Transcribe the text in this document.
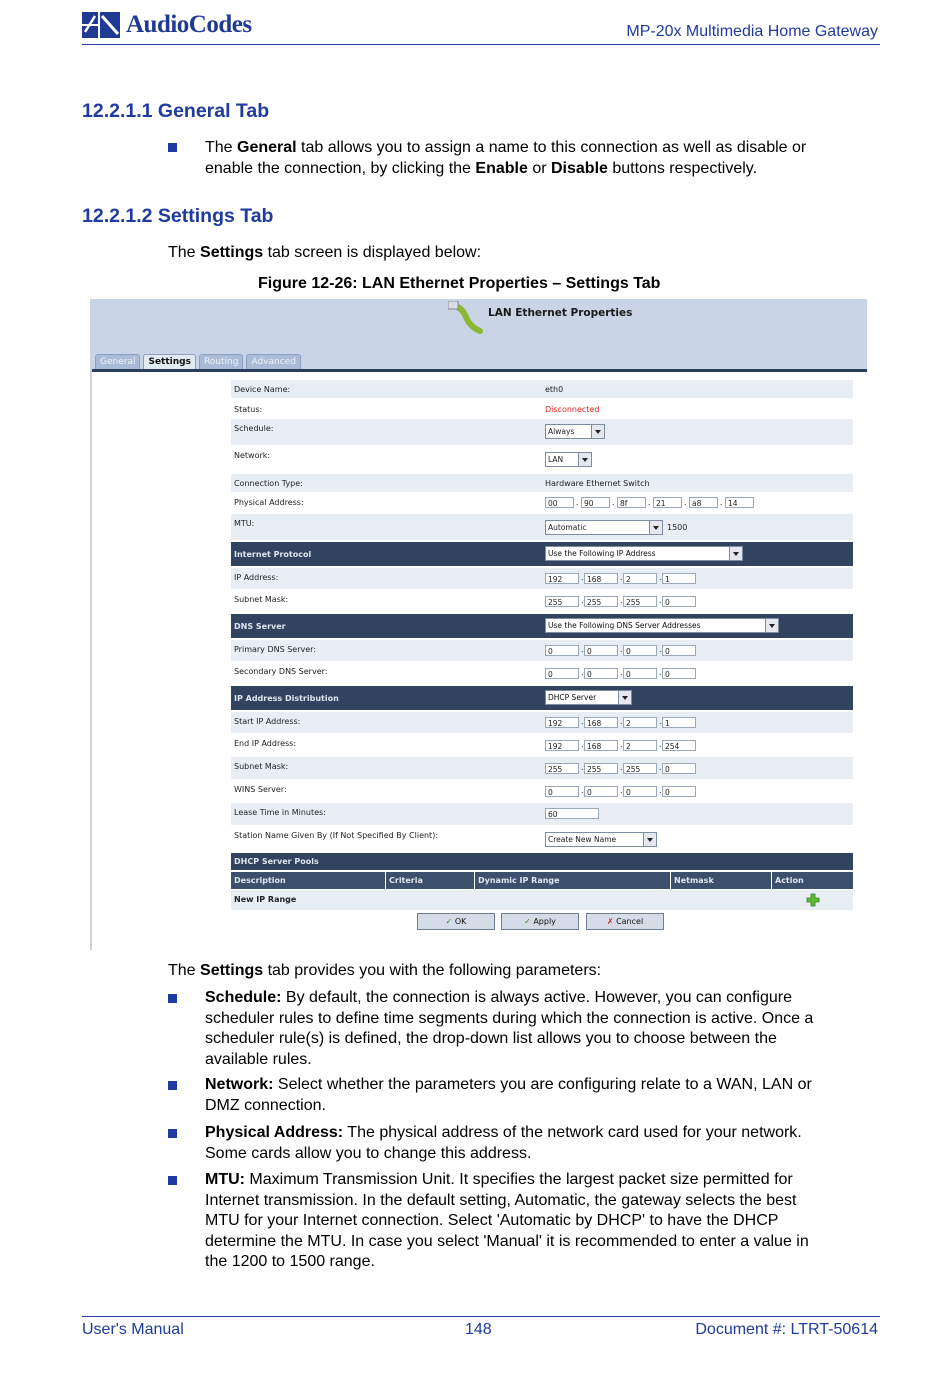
AudioCodes	MP-20x Multimedia Home Gateway
12.2.1.1 General Tab
The General tab allows you to assign a name to this connection as well as disable or
enable the connection, by clicking the Enable or Disable buttons respectively.
12.2.1.2 Settings Tab
The Settings tab screen is displayed below:
Figure 12-26: LAN Ethernet Properties – Settings Tab
LAN Ethernet Properties
General	Settings	Routing	Advanced
Device Name:	eth0
Status:	Disconnected
Schedule:	Always
Network:	LAN
Connection Type:	Hardware Ethernet Switch
Physical Address:	00	. 90	. 8f	. 21	. a8	. 14
MTU:	Automatic	1500
Internet Protocol	Use the Following IP Address
IP Address:	192	. 168	. 2	. 1
Subnet Mask:	255	. 255	. 255	. 0
DNS Server	Use the Following DNS Server Addresses
Primary DNS Server:	0	. 0	. 0	. 0
Secondary DNS Server:	0	. 0	. 0	. 0
IP Address Distribution	DHCP Server
Start IP Address:	192	. 168	. 2	. 1
End IP Address:	192	. 168	. 2	. 254
Subnet Mask:	255	. 255	. 255	. 0
WINS Server:	0	. 0	. 0	. 0
Lease Time in Minutes:	60
Station Name Given By (If Not Specified By Client):	Create New Name
DHCP Server Pools
Description	Criteria	Dynamic IP Range	Netmask	Action
New IP Range
✓ OK	✓ Apply	✗ Cancel
The Settings tab provides you with the following parameters:
Schedule: By default, the connection is always active. However, you can configure
scheduler rules to define time segments during which the connection is active. Once a
scheduler rule(s) is defined, the drop-down list allows you to choose between the
available rules.
Network: Select whether the parameters you are configuring relate to a WAN, LAN or
DMZ connection.
Physical Address: The physical address of the network card used for your network.
Some cards allow you to change this address.
MTU: Maximum Transmission Unit. It specifies the largest packet size permitted for
Internet transmission. In the default setting, Automatic, the gateway selects the best
MTU for your Internet connection. Select 'Automatic by DHCP' to have the DHCP
determine the MTU. In case you select 'Manual' it is recommended to enter a value in
the 1200 to 1500 range.
User's Manual	148	Document #: LTRT-50614
